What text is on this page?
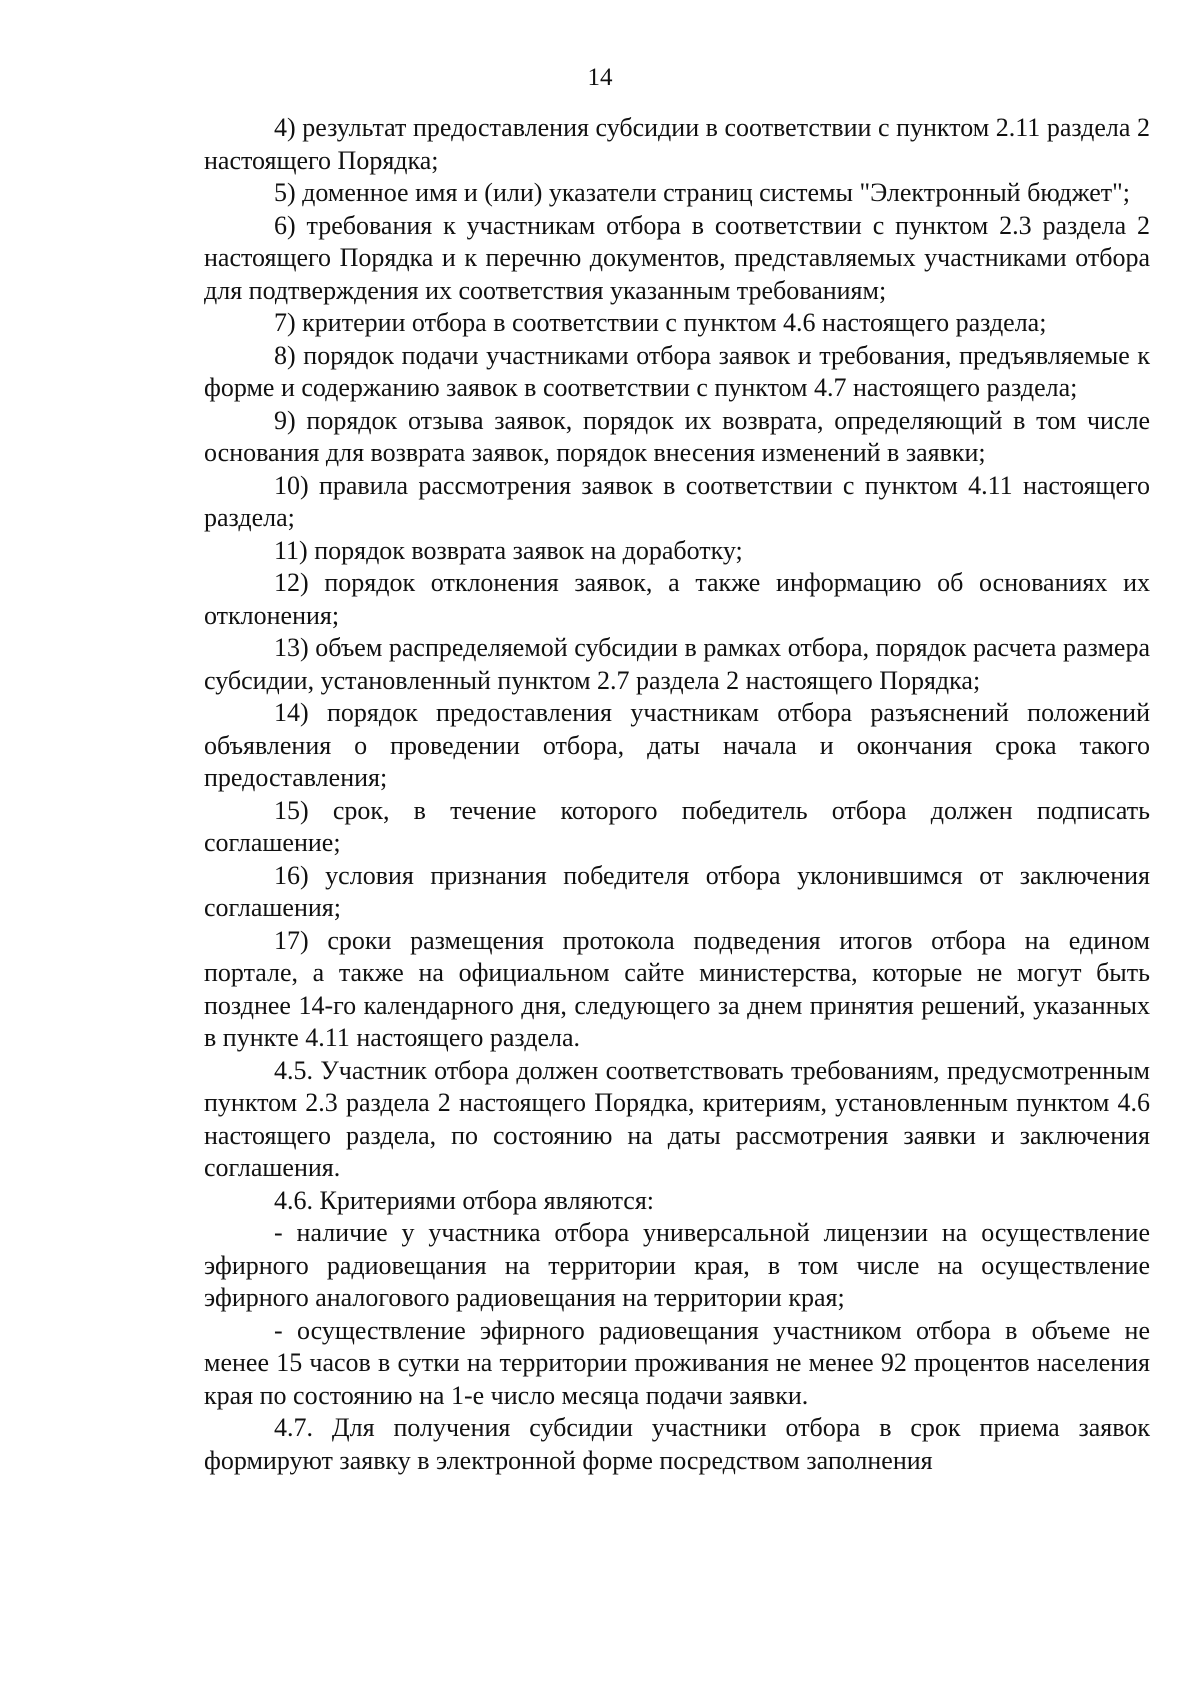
14

4) результат предоставления субсидии в соответствии с пунктом 2.11 раздела 2 настоящего Порядка;

5) доменное имя и (или) указатели страниц системы "Электронный бюджет";

6) требования к участникам отбора в соответствии с пунктом 2.3 раздела 2 настоящего Порядка и к перечню документов, представляемых участниками отбора для подтверждения их соответствия указанным требованиям;

7) критерии отбора в соответствии с пунктом 4.6 настоящего раздела;

8) порядок подачи участниками отбора заявок и требования, предъявляемые к форме и содержанию заявок в соответствии с пунктом 4.7 настоящего раздела;

9) порядок отзыва заявок, порядок их возврата, определяющий в том числе основания для возврата заявок, порядок внесения изменений в заявки;

10) правила рассмотрения заявок в соответствии с пунктом 4.11 настоящего раздела;

11) порядок возврата заявок на доработку;

12) порядок отклонения заявок, а также информацию об основаниях их отклонения;

13) объем распределяемой субсидии в рамках отбора, порядок расчета размера субсидии, установленный пунктом 2.7 раздела 2 настоящего Порядка;

14) порядок предоставления участникам отбора разъяснений положений объявления о проведении отбора, даты начала и окончания срока такого предоставления;

15) срок, в течение которого победитель отбора должен подписать соглашение;

16) условия признания победителя отбора уклонившимся от заключения соглашения;

17) сроки размещения протокола подведения итогов отбора на едином портале, а также на официальном сайте министерства, которые не могут быть позднее 14-го календарного дня, следующего за днем принятия решений, указанных в пункте 4.11 настоящего раздела.

4.5. Участник отбора должен соответствовать требованиям, предусмотренным пунктом 2.3 раздела 2 настоящего Порядка, критериям, установленным пунктом 4.6 настоящего раздела, по состоянию на даты рассмотрения заявки и заключения соглашения.

4.6. Критериями отбора являются:

- наличие у участника отбора универсальной лицензии на осуществление эфирного радиовещания на территории края, в том числе на осуществление эфирного аналогового радиовещания на территории края;

- осуществление эфирного радиовещания участником отбора в объеме не менее 15 часов в сутки на территории проживания не менее 92 процентов населения края по состоянию на 1-е число месяца подачи заявки.

4.7. Для получения субсидии участники отбора в срок приема заявок формируют заявку в электронной форме посредством заполнения
